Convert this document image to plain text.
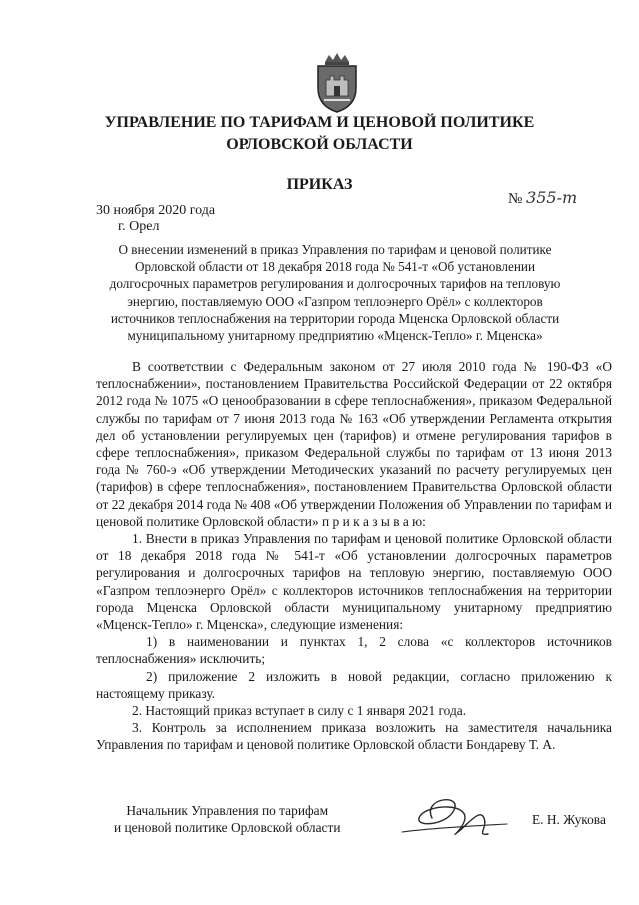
УПРАВЛЕНИЕ ПО ТАРИФАМ И ЦЕНОВОЙ ПОЛИТИКЕ
ОРЛОВСКОЙ ОБЛАСТИ
ПРИКАЗ
№ 355-т
30 ноября 2020 года
г. Орел
О внесении изменений в приказ Управления по тарифам и ценовой политике Орловской области от 18 декабря 2018 года № 541-т «Об установлении долгосрочных параметров регулирования и долгосрочных тарифов на тепловую энергию, поставляемую ООО «Газпром теплоэнерго Орёл» с коллекторов источников теплоснабжения на территории города Мценска Орловской области муниципальному унитарному предприятию «Мценск-Тепло» г. Мценска»

В соответствии с Федеральным законом от 27 июля 2010 года № 190-ФЗ «О теплоснабжении», постановлением Правительства Российской Федерации от 22 октября 2012 года № 1075 «О ценообразовании в сфере теплоснабжения», приказом Федеральной службы по тарифам от 7 июня 2013 года № 163 «Об утверждении Регламента открытия дел об установлении регулируемых цен (тарифов) и отмене регулирования тарифов в сфере теплоснабжения», приказом Федеральной службы по тарифам от 13 июня 2013 года № 760-э «Об утверждении Методических указаний по расчету регулируемых цен (тарифов) в сфере теплоснабжения», постановлением Правительства Орловской области от 22 декабря 2014 года № 408 «Об утверждении Положения об Управлении по тарифам и ценовой политике Орловской области» п р и к а з ы в а ю:

1. Внести в приказ Управления по тарифам и ценовой политике Орловской области от 18 декабря 2018 года № 541-т «Об установлении долгосрочных параметров регулирования и долгосрочных тарифов на тепловую энергию, поставляемую ООО «Газпром теплоэнерго Орёл» с коллекторов источников теплоснабжения на территории города Мценска Орловской области муниципальному унитарному предприятию «Мценск-Тепло» г. Мценска», следующие изменения:

1) в наименовании и пунктах 1, 2 слова «с коллекторов источников теплоснабжения» исключить;

2) приложение 2 изложить в новой редакции, согласно приложению к настоящему приказу.

2. Настоящий приказ вступает в силу с 1 января 2021 года.

3. Контроль за исполнением приказа возложить на заместителя начальника Управления по тарифам и ценовой политике Орловской области Бондареву Т. А.

Начальник Управления по тарифам
и ценовой политике Орловской области
Е. Н. Жукова
